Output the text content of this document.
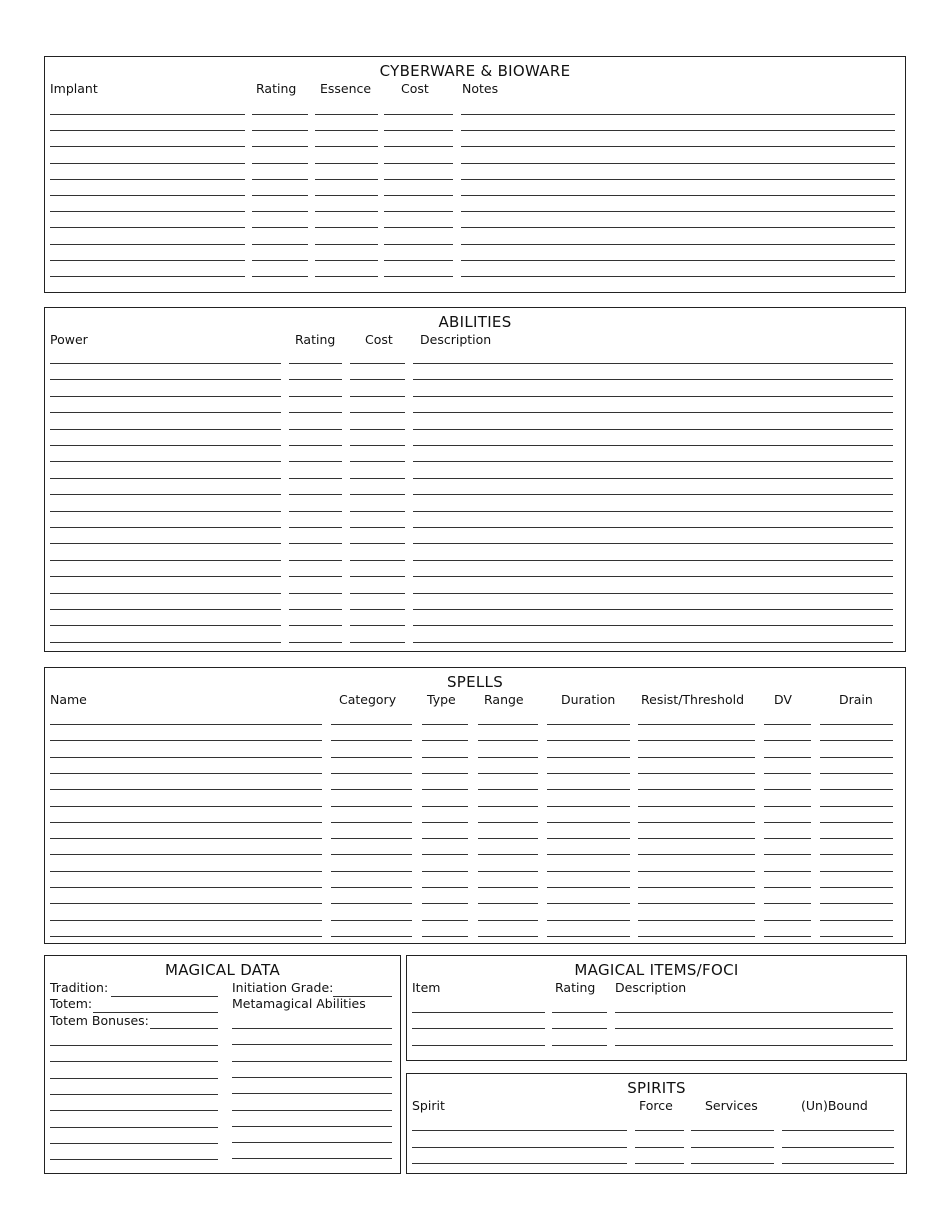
CYBERWARE & BIOWARE
Implant	Rating Essence Cost	Notes
ABILITIES
Power	Rating Cost Description
SPELLS
Name	Category Type Range	Duration Resist/Threshold DV	Drain
MAGICAL DATA
Tradition:
Totem:
Totem Bonuses:
Initiation Grade:
Metamagical Abilities
MAGICAL ITEMS/FOCI
Item	Rating Description
SPIRITS
Spirit	Force	Services	(Un)Bound
